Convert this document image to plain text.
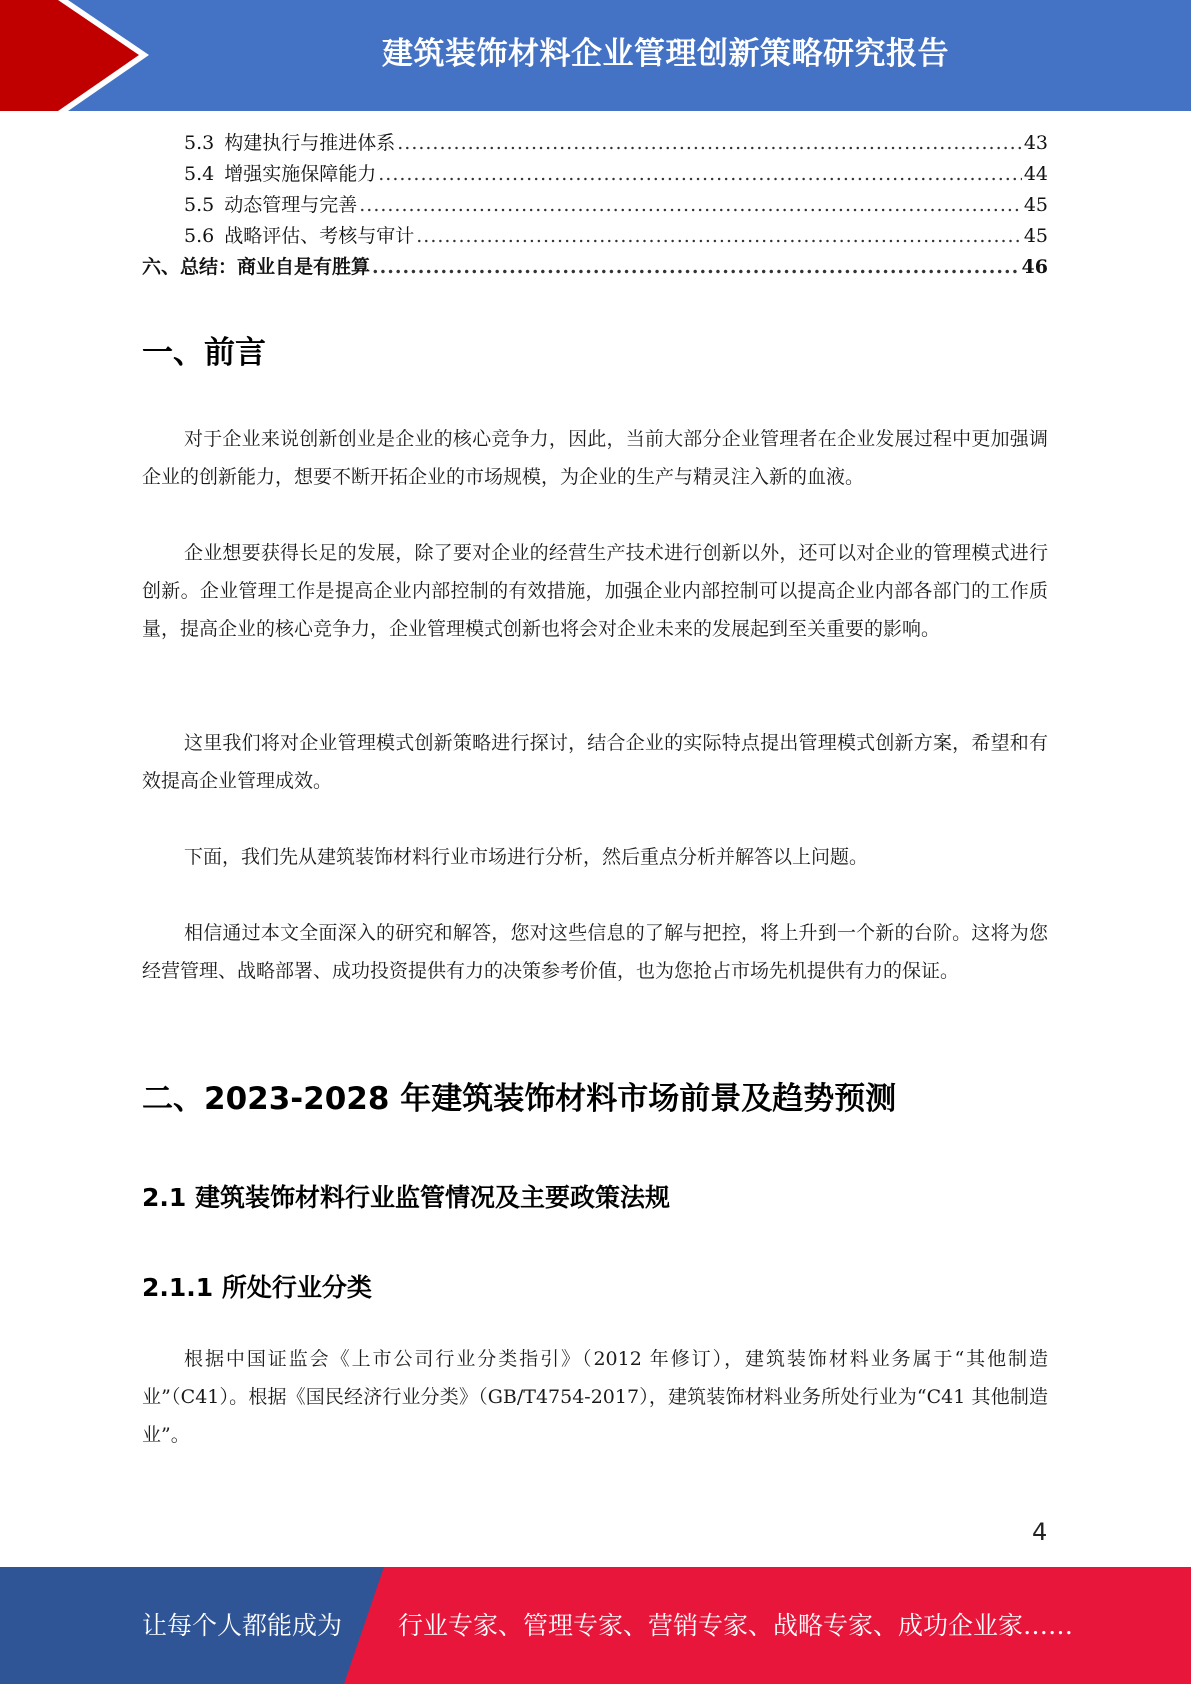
建筑装饰材料企业管理创新策略研究报告
5.3 构建执行与推进体系 .....	43
5.4 增强实施保障能力 .....	44
5.5 动态管理与完善 .....	45
5.6 战略评估、考核与审计 .....	45
六、总结：商业自是有胜算 .....	46
一、前言

对于企业来说创新创业是企业的核心竞争力，因此，当前大部分企业管理者在企业发展过程中更加强调企业的创新能力，想要不断开拓企业的市场规模，为企业的生产与精灵注入新的血液。

企业想要获得长足的发展，除了要对企业的经营生产技术进行创新以外，还可以对企业的管理模式进行创新。企业管理工作是提高企业内部控制的有效措施，加强企业内部控制可以提高企业内部各部门的工作质量，提高企业的核心竞争力，企业管理模式创新也将会对企业未来的发展起到至关重要的影响。

这里我们将对企业管理模式创新策略进行探讨，结合企业的实际特点提出管理模式创新方案，希望和有效提高企业管理成效。

下面，我们先从建筑装饰材料行业市场进行分析，然后重点分析并解答以上问题。

相信通过本文全面深入的研究和解答，您对这些信息的了解与把控，将上升到一个新的台阶。这将为您经营管理、战略部署、成功投资提供有力的决策参考价值，也为您抢占市场先机提供有力的保证。

二、2023-2028 年建筑装饰材料市场前景及趋势预测
2.1 建筑装饰材料行业监管情况及主要政策法规
2.1.1 所处行业分类

根据中国证监会《上市公司行业分类指引》（2012 年修订），建筑装饰材料业务属于“其他制造业”（C41）。根据《国民经济行业分类》（GB/T4754-2017），建筑装饰材料业务所处行业为“C41 其他制造业”。

4
让每个人都能成为 行业专家、管理专家、营销专家、战略专家、成功企业家……
